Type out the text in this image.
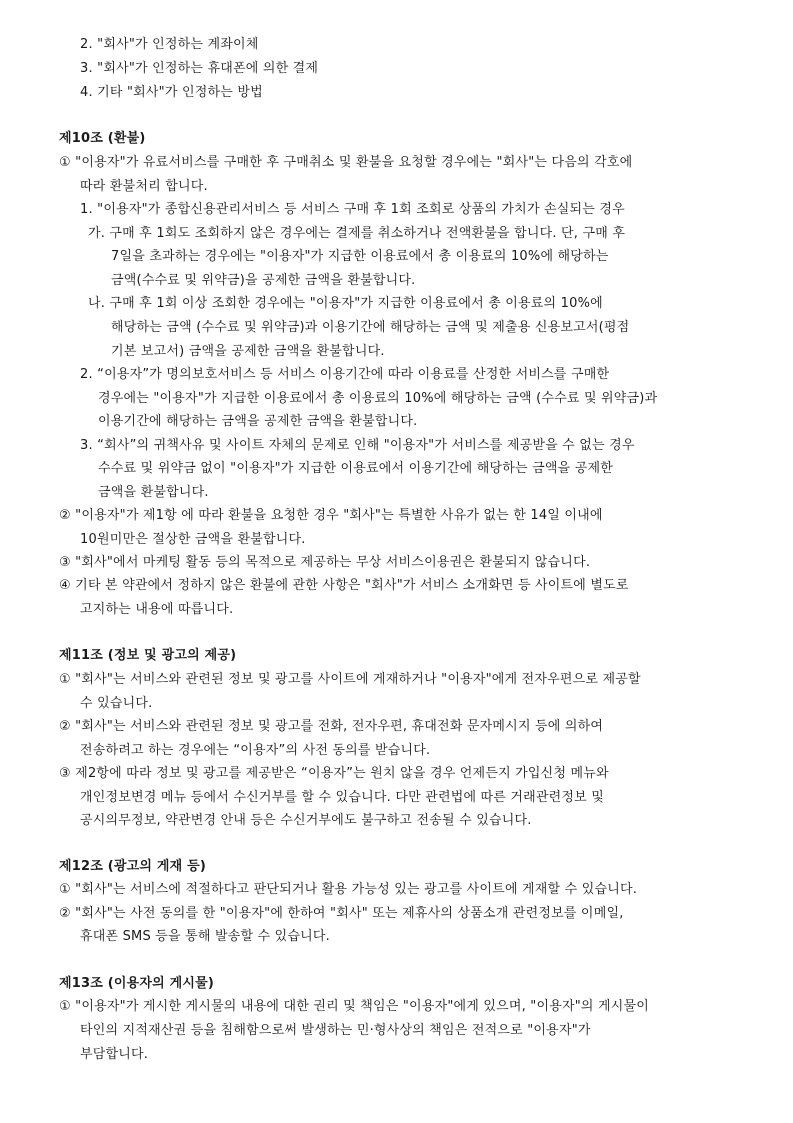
2. "회사"가 인정하는 계좌이체
3. "회사"가 인정하는 휴대폰에 의한 결제
4. 기타 "회사"가 인정하는 방법
제10조 (환불)
① "이용자"가 유료서비스를 구매한 후 구매취소 및 환불을 요청할 경우에는 "회사"는 다음의 각호에
따라 환불처리 합니다.
1. "이용자"가 종합신용관리서비스 등 서비스 구매 후 1회 조회로 상품의 가치가 손실되는 경우
가. 구매 후 1회도 조회하지 않은 경우에는 결제를 취소하거나 전액환불을 합니다. 단, 구매 후
7일을 초과하는 경우에는 "이용자"가 지급한 이용료에서 총 이용료의 10%에 해당하는
금액(수수료 및 위약금)을 공제한 금액을 환불합니다.
나. 구매 후 1회 이상 조회한 경우에는 "이용자"가 지급한 이용료에서 총 이용료의 10%에
해당하는 금액 (수수료 및 위약금)과 이용기간에 해당하는 금액 및 제출용 신용보고서(평점
기본 보고서) 금액을 공제한 금액을 환불합니다.
2. “이용자”가 명의보호서비스 등 서비스 이용기간에 따라 이용료를 산정한 서비스를 구매한
경우에는 "이용자"가 지급한 이용료에서 총 이용료의 10%에 해당하는 금액 (수수료 및 위약금)과
이용기간에 해당하는 금액을 공제한 금액을 환불합니다.
3. “회사”의 귀책사유 및 사이트 자체의 문제로 인해 "이용자"가 서비스를 제공받을 수 없는 경우
수수료 및 위약금 없이 "이용자"가 지급한 이용료에서 이용기간에 해당하는 금액을 공제한
금액을 환불합니다.
② "이용자"가 제1항 에 따라 환불을 요청한 경우 "회사"는 특별한 사유가 없는 한 14일 이내에
10원미만은 절상한 금액을 환불합니다.
③ "회사"에서 마케팅 활동 등의 목적으로 제공하는 무상 서비스이용권은 환불되지 않습니다.
④ 기타 본 약관에서 정하지 않은 환불에 관한 사항은 "회사"가 서비스 소개화면 등 사이트에 별도로
고지하는 내용에 따릅니다.
제11조 (정보 및 광고의 제공)
① "회사"는 서비스와 관련된 정보 및 광고를 사이트에 게재하거나 "이용자"에게 전자우편으로 제공할
수 있습니다.
② "회사"는 서비스와 관련된 정보 및 광고를 전화, 전자우편, 휴대전화 문자메시지 등에 의하여
전송하려고 하는 경우에는 “이용자”의 사전 동의를 받습니다.
③ 제2항에 따라 정보 및 광고를 제공받은 “이용자”는 원치 않을 경우 언제든지 가입신청 메뉴와
개인정보변경 메뉴 등에서 수신거부를 할 수 있습니다. 다만 관련법에 따른 거래관련정보 및
공시의무정보, 약관변경 안내 등은 수신거부에도 불구하고 전송될 수 있습니다.
제12조 (광고의 게재 등)
① "회사"는 서비스에 적절하다고 판단되거나 활용 가능성 있는 광고를 사이트에 게재할 수 있습니다.
② "회사"는 사전 동의를 한 "이용자"에 한하여 "회사" 또는 제휴사의 상품소개 관련정보를 이메일,
휴대폰 SMS 등을 통해 발송할 수 있습니다.
제13조 (이용자의 게시물)
① "이용자"가 게시한 게시물의 내용에 대한 권리 및 책임은 "이용자"에게 있으며, "이용자"의 게시물이
타인의 지적재산권 등을 침해함으로써 발생하는 민·형사상의 책임은 전적으로 "이용자"가
부담합니다.
